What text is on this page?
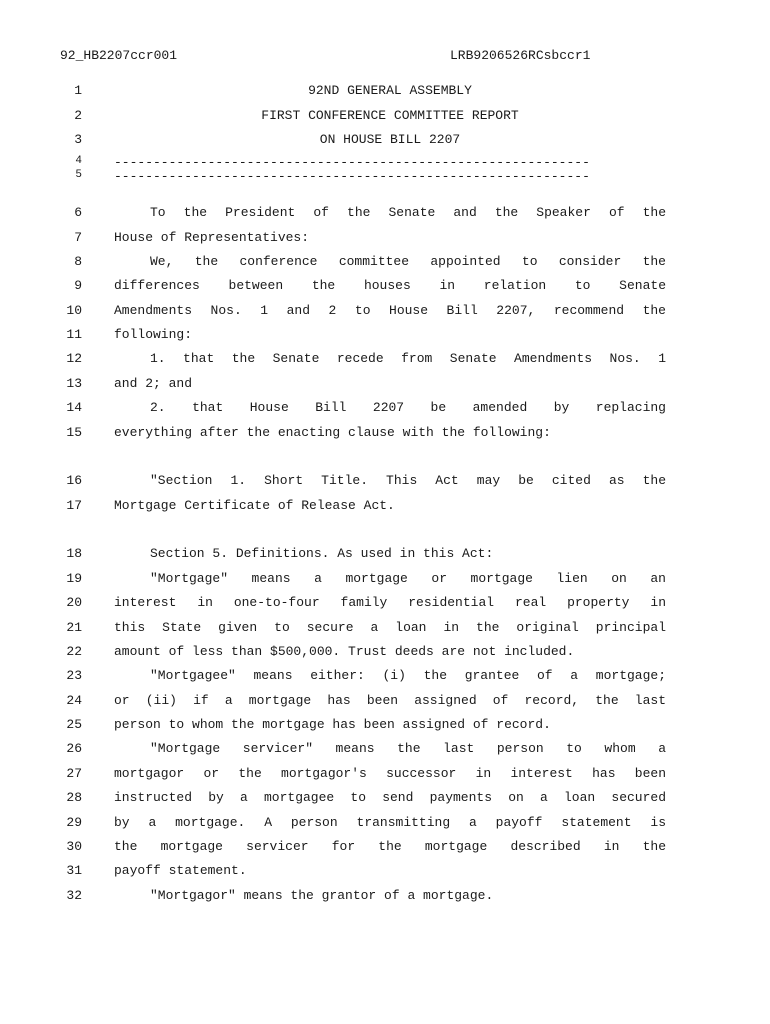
92_HB2207ccr001	LRB9206526RCsbccr1
1	92ND GENERAL ASSEMBLY
2	FIRST CONFERENCE COMMITTEE REPORT
3	ON HOUSE BILL 2207
4 -------------------------------------------------------------
5 -------------------------------------------------------------
6	To the President of the Senate and the Speaker of the
7 House of Representatives:
8	We, the conference committee appointed to consider the
9 differences between the houses in relation to Senate
10 Amendments Nos. 1 and 2 to House Bill 2207, recommend the
11 following:
12	1. that the Senate recede from Senate Amendments Nos. 1
13 and 2; and
14	2. that House Bill 2207 be amended by replacing
15 everything after the enacting clause with the following:
16	"Section 1. Short Title. This Act may be cited as the
17 Mortgage Certificate of Release Act.
18	Section 5. Definitions. As used in this Act:
19	"Mortgage" means a mortgage or mortgage lien on an
20 interest in one-to-four family residential real property in
21 this State given to secure a loan in the original principal
22 amount of less than $500,000. Trust deeds are not included.
23	"Mortgagee" means either: (i) the grantee of a mortgage;
24 or (ii) if a mortgage has been assigned of record, the last
25 person to whom the mortgage has been assigned of record.
26	"Mortgage servicer" means the last person to whom a
27 mortgagor or the mortgagor's successor in interest has been
28 instructed by a mortgagee to send payments on a loan secured
29 by a mortgage. A person transmitting a payoff statement is
30 the mortgage servicer for the mortgage described in the
31 payoff statement.
32	"Mortgagor" means the grantor of a mortgage.
